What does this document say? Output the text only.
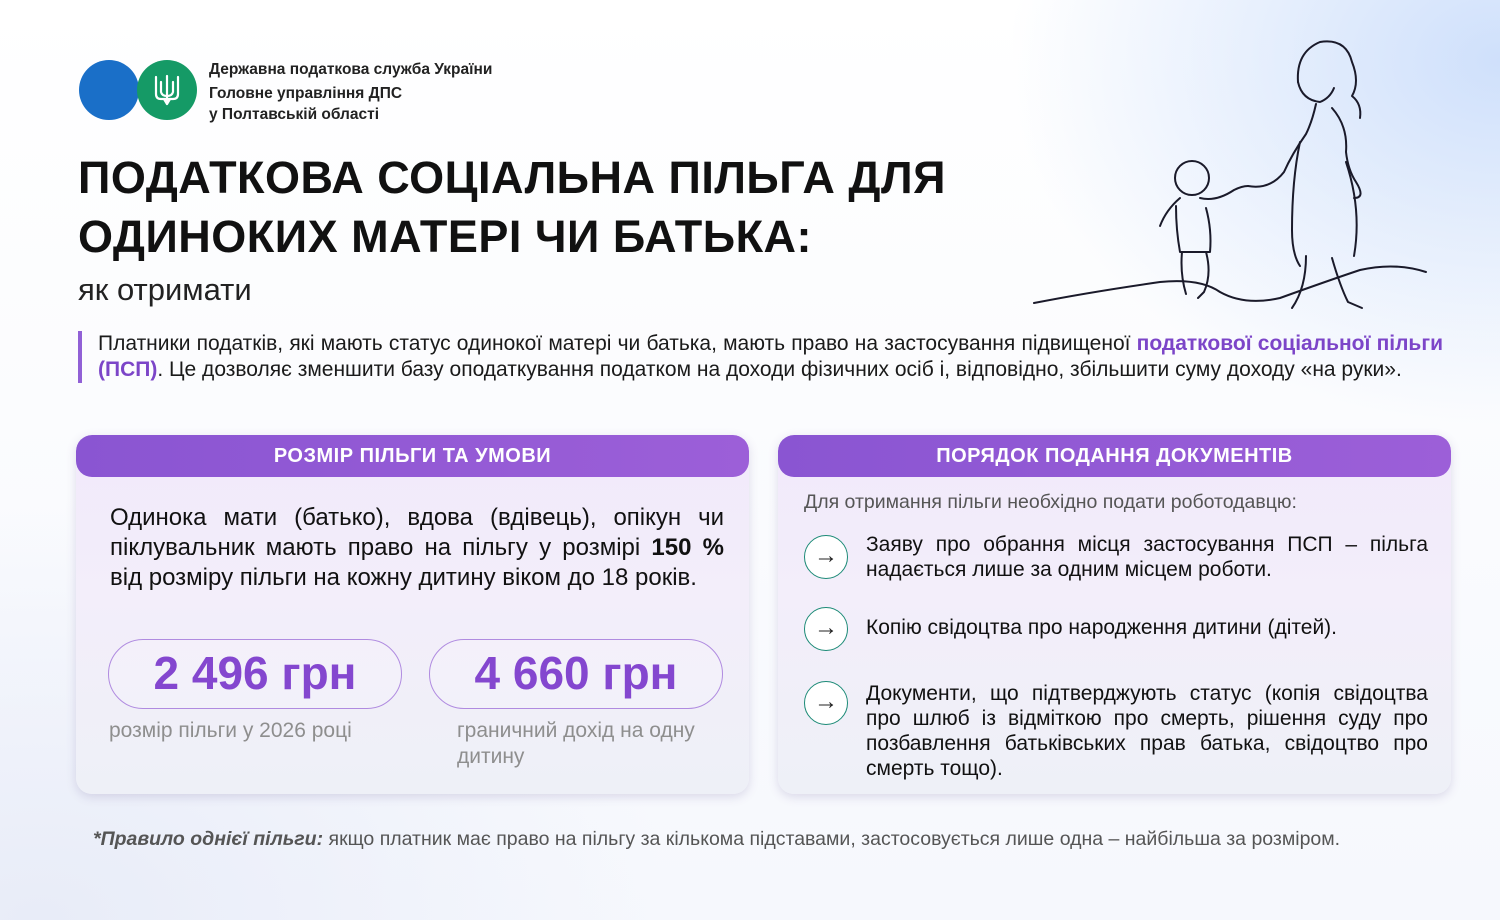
Державна податкова служба України
Головне управління ДПС
у Полтавській області
ПОДАТКОВА СОЦІАЛЬНА ПІЛЬГА ДЛЯ
ОДИНОКИХ МАТЕРІ ЧИ БАТЬКА:
як отримати
Платники податків, які мають статус одинокої матері чи батька, мають право на застосування підвищеної податкової соціальної пільги (ПСП). Це дозволяє зменшити базу оподаткування податком на доходи фізичних осіб і, відповідно, збільшити суму доходу «на руки».
РОЗМІР ПІЛЬГИ ТА УМОВИ
Одинока мати (батько), вдова (вдівець), опікун чи піклувальник мають право на пільгу у розмірі 150 % від розміру пільги на кожну дитину віком до 18 років.
2 496 грн	4 660 грн
розмір пільги у 2026 році	граничний дохід на одну дитину
ПОРЯДОК ПОДАННЯ ДОКУМЕНТІВ
Для отримання пільги необхідно подати роботодавцю:
→	Заяву про обрання місця застосування ПСП – пільга надається лише за одним місцем роботи.
→	Копію свідоцтва про народження дитини (дітей).
→	Документи, що підтверджують статус (копія свідоцтва про шлюб із відміткою про смерть, рішення суду про позбавлення батьківських прав батька, свідоцтво про смерть тощо).
*Правило однієї пільги: якщо платник має право на пільгу за кількома підставами, застосовується лише одна – найбільша за розміром.
